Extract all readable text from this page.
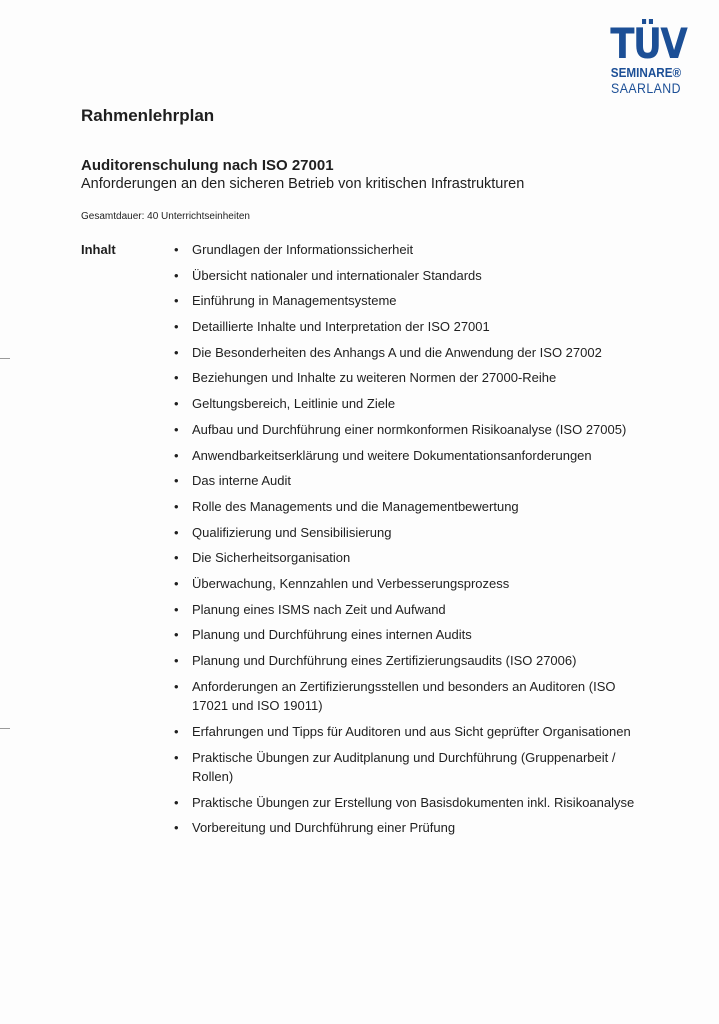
TÜV
SEMINARE®
SAARLAND
Rahmenlehrplan
Auditorenschulung nach ISO 27001

Anforderungen an den sicheren Betrieb von kritischen Infrastrukturen

Gesamtdauer: 40 Unterrichtseinheiten

Inhalt	• Grundlagen der Informationssicherheit
• Übersicht nationaler und internationaler Standards
• Einführung in Managementsysteme
• Detaillierte Inhalte und Interpretation der ISO 27001
• Die Besonderheiten des Anhangs A und die Anwendung der ISO 27002
• Beziehungen und Inhalte zu weiteren Normen der 27000-Reihe
• Geltungsbereich, Leitlinie und Ziele
• Aufbau und Durchführung einer normkonformen Risikoanalyse (ISO 27005)
• Anwendbarkeitserklärung und weitere Dokumentationsanforderungen
• Das interne Audit
• Rolle des Managements und die Managementbewertung
• Qualifizierung und Sensibilisierung
• Die Sicherheitsorganisation
• Überwachung, Kennzahlen und Verbesserungsprozess
• Planung eines ISMS nach Zeit und Aufwand
• Planung und Durchführung eines internen Audits
• Planung und Durchführung eines Zertifizierungsaudits (ISO 27006)
• Anforderungen an Zertifizierungsstellen und besonders an Auditoren (ISO 17021 und ISO 19011)
• Erfahrungen und Tipps für Auditoren und aus Sicht geprüfter Organisationen
• Praktische Übungen zur Auditplanung und Durchführung (Gruppenarbeit / Rollen)
• Praktische Übungen zur Erstellung von Basisdokumenten inkl. Risikoanalyse
• Vorbereitung und Durchführung einer Prüfung
